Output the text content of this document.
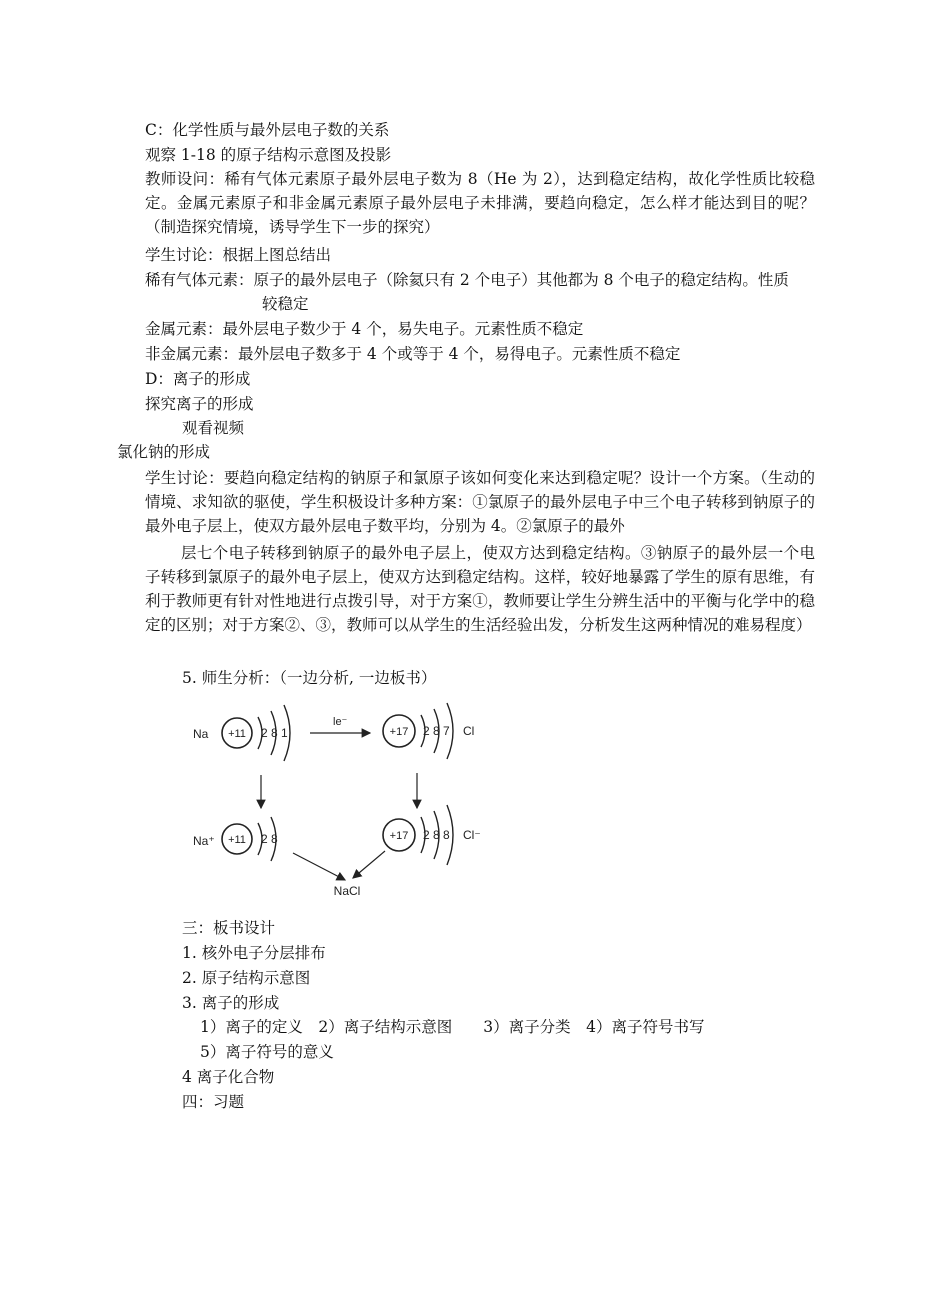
C：化学性质与最外层电子数的关系
观察 1-18 的原子结构示意图及投影
教师设问：稀有气体元素原子最外层电子数为 8（He 为 2），达到稳定结构，故化学性质比较稳定。金属元素原子和非金属元素原子最外层电子未排满，要趋向稳定，怎么样才能达到目的呢？（制造探究情境，诱导学生下一步的探究）
学生讨论：根据上图总结出
稀有气体元素：原子的最外层电子（除氦只有 2 个电子）其他都为 8 个电子的稳定结构。性质
较稳定
金属元素：最外层电子数少于 4 个，易失电子。元素性质不稳定
非金属元素：最外层电子数多于 4 个或等于 4 个，易得电子。元素性质不稳定
D：离子的形成
探究离子的形成
观看视频
氯化钠的形成
学生讨论：要趋向稳定结构的钠原子和氯原子该如何变化来达到稳定呢？设计一个方案。（生动的情境、求知欲的驱使，学生积极设计多种方案：①氯原子的最外层电子中三个电子转移到钠原子的最外电子层上，使双方最外层电子数平均，分别为 4。②氯原子的最外
层七个电子转移到钠原子的最外电子层上，使双方达到稳定结构。③钠原子的最外层一个电子转移到氯原子的最外电子层上，使双方达到稳定结构。这样，较好地暴露了学生的原有思维，有利于教师更有针对性地进行点拨引导，对于方案①，教师要让学生分辨生活中的平衡与化学中的稳定的区别；对于方案②、③，教师可以从学生的生活经验出发，分析发生这两种情况的难易程度）
5. 师生分析：（一边分析, 一边板书）
Na +11 2 8 1
le⁻
+17 2 8 7 Cl
Na⁺ +11 2 8	+17 2 8 8 Cl⁻
NaCl
三：板书设计
1. 核外电子分层排布
2. 原子结构示意图
3. 离子的形成
1）离子的定义　2）离子结构示意图　　3）离子分类　4）离子符号书写
5）离子符号的意义
4 离子化合物
四：习题
